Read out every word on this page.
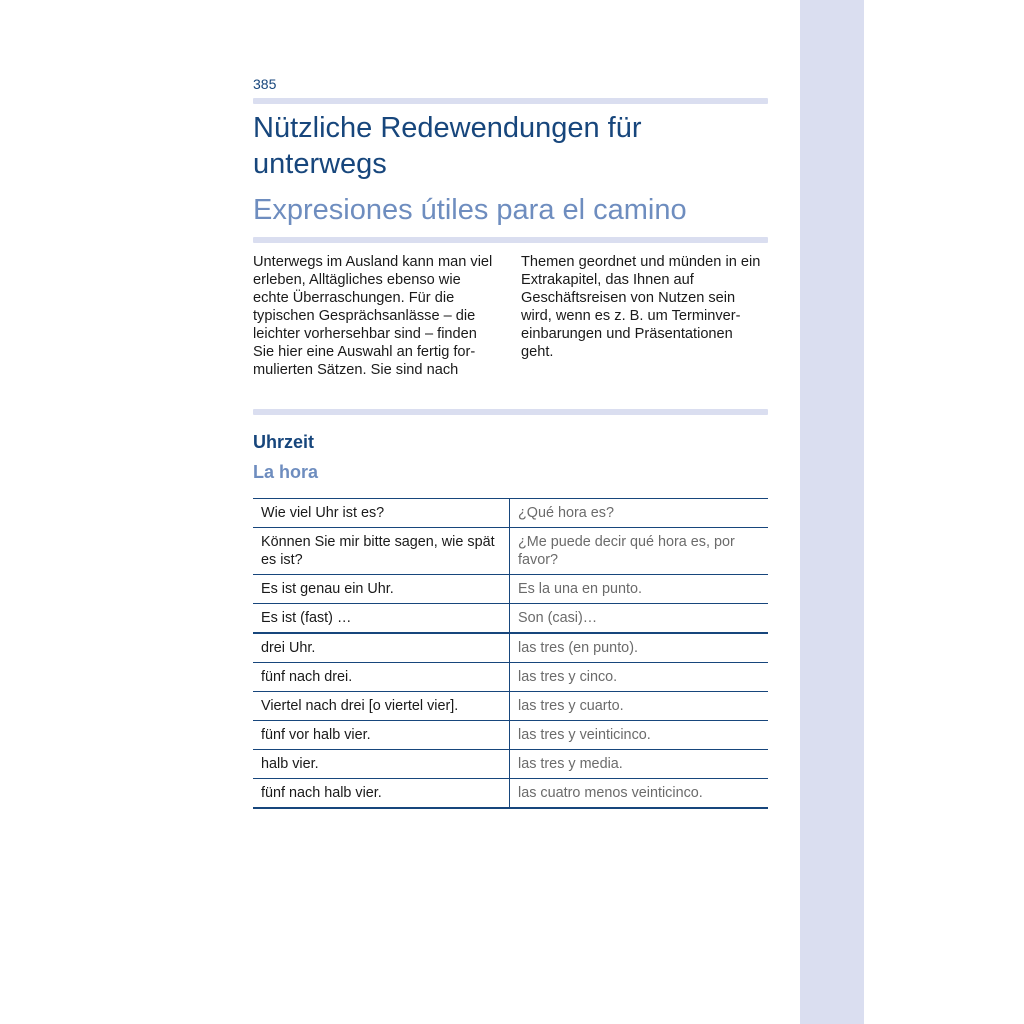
385
Nützliche Redewendungen für unterwegs
Expresiones útiles para el camino

Unterwegs im Ausland kann man viel erleben, Alltägliches ebenso wie echte Überraschungen. Für die typischen Gesprächsanlässe – die leichter vorhersehbar sind – finden Sie hier eine Auswahl an fertig formulierten Sätzen. Sie sind nach

Themen geordnet und münden in ein Extrakapitel, das Ihnen auf Geschäftsreisen von Nutzen sein wird, wenn es z. B. um Terminvereinbarungen und Präsentationen geht.

Uhrzeit
La hora
Wie viel Uhr ist es?	¿Qué hora es?
Können Sie mir bitte sagen, wie spät es ist?	¿Me puede decir qué hora es, por favor?
Es ist genau ein Uhr.	Es la una en punto.
Es ist (fast) …	Son (casi)…
drei Uhr.	las tres (en punto).
fünf nach drei.	las tres y cinco.
Viertel nach drei [o viertel vier].	las tres y cuarto.
fünf vor halb vier.	las tres y veinticinco.
halb vier.	las tres y media.
fünf nach halb vier.	las cuatro menos veinticinco.
